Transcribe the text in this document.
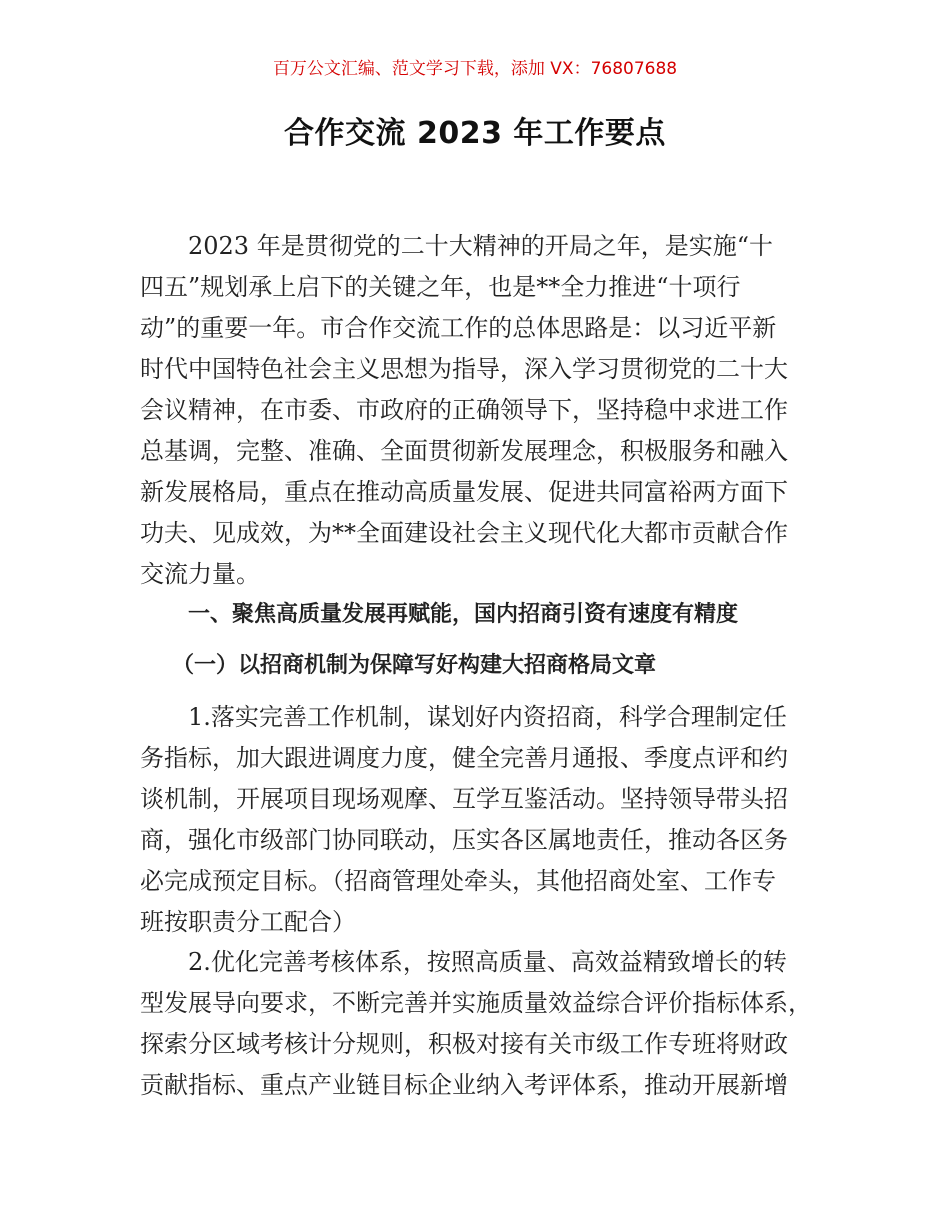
百万公文汇编、范文学习下载，添加 VX：76807688
合作交流 2023 年工作要点
2023 年是贯彻党的二十大精神的开局之年，是实施“十
四五”规划承上启下的关键之年，也是**全力推进“十项行
动”的重要一年。市合作交流工作的总体思路是：以习近平新
时代中国特色社会主义思想为指导，深入学习贯彻党的二十大
会议精神，在市委、市政府的正确领导下，坚持稳中求进工作
总基调，完整、准确、全面贯彻新发展理念，积极服务和融入
新发展格局，重点在推动高质量发展、促进共同富裕两方面下
功夫、见成效，为**全面建设社会主义现代化大都市贡献合作
交流力量。
一、聚焦高质量发展再赋能，国内招商引资有速度有精度
（一）以招商机制为保障写好构建大招商格局文章
1.落实完善工作机制，谋划好内资招商，科学合理制定任
务指标，加大跟进调度力度，健全完善月通报、季度点评和约
谈机制，开展项目现场观摩、互学互鉴活动。坚持领导带头招
商，强化市级部门协同联动，压实各区属地责任，推动各区务
必完成预定目标。（招商管理处牵头，其他招商处室、工作专
班按职责分工配合）
2.优化完善考核体系，按照高质量、高效益精致增长的转
型发展导向要求，不断完善并实施质量效益综合评价指标体系，
探索分区域考核计分规则，积极对接有关市级工作专班将财政
贡献指标、重点产业链目标企业纳入考评体系，推动开展新增
